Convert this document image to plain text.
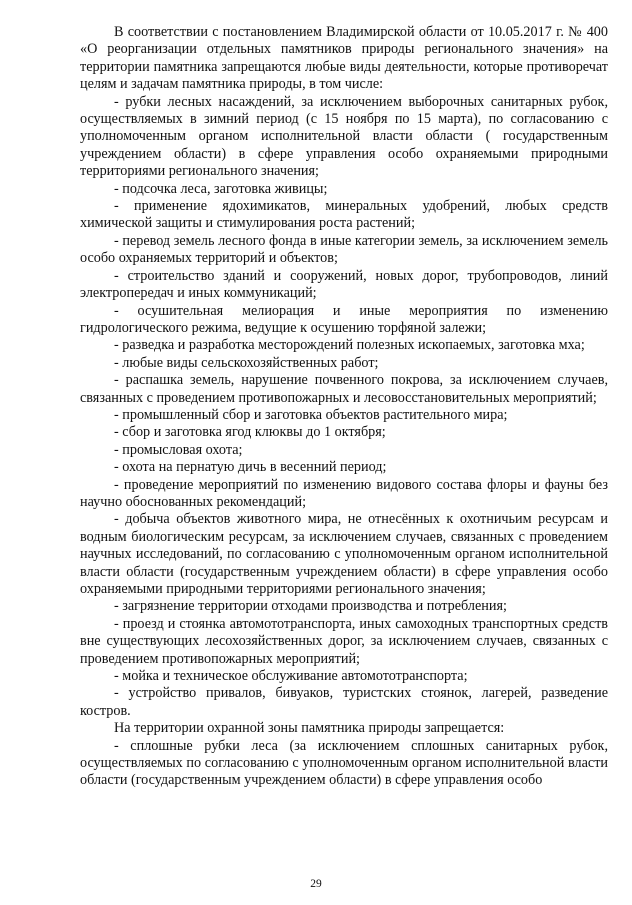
В соответствии с постановлением Владимирской области от 10.05.2017 г. № 400 «О реорганизации отдельных памятников природы регионального значения» на территории памятника запрещаются любые виды деятельности, которые противоречат целям и задачам памятника природы, в том числе:

- рубки лесных насаждений, за исключением выборочных санитарных рубок, осуществляемых в зимний период (с 15 ноября по 15 марта), по согласованию с уполномоченным органом исполнительной власти области ( государственным учреждением области) в сфере управления особо охраняемыми природными территориями регионального значения;

- подсочка леса, заготовка живицы;

- применение ядохимикатов, минеральных удобрений, любых средств химической защиты и стимулирования роста растений;

- перевод земель лесного фонда в иные категории земель, за исключением земель особо охраняемых территорий и объектов;

- строительство зданий и сооружений, новых дорог, трубопроводов, линий электропередач и иных коммуникаций;

- осушительная мелиорация и иные мероприятия по изменению гидрологического режима, ведущие к осушению торфяной залежи;

- разведка и разработка месторождений полезных ископаемых, заготовка мха;

- любые виды сельскохозяйственных работ;

- распашка земель, нарушение почвенного покрова, за исключением случаев, связанных с проведением противопожарных и лесовосстановительных мероприятий;

- промышленный сбор и заготовка объектов растительного мира;

- сбор и заготовка ягод клюквы до 1 октября;

- промысловая охота;

- охота на пернатую дичь в весенний период;

- проведение мероприятий по изменению видового состава флоры и фауны без научно обоснованных рекомендаций;

- добыча объектов животного мира, не отнесённых к охотничьим ресурсам и водным биологическим ресурсам, за исключением случаев, связанных с проведением научных исследований, по согласованию с уполномоченным органом исполнительной власти области (государственным учреждением области) в сфере управления особо охраняемыми природными территориями регионального значения;

- загрязнение территории отходами производства и потребления;

- проезд и стоянка автомототранспорта, иных самоходных транспортных средств вне существующих лесохозяйственных дорог, за исключением случаев, связанных с проведением противопожарных мероприятий;

- мойка и техническое обслуживание автомототранспорта;

- устройство привалов, бивуаков, туристских стоянок, лагерей, разведение костров.

На территории охранной зоны памятника природы запрещается:

- сплошные рубки леса (за исключением сплошных санитарных рубок, осуществляемых по согласованию с уполномоченным органом исполнительной власти области (государственным учреждением области) в сфере управления особо

29
